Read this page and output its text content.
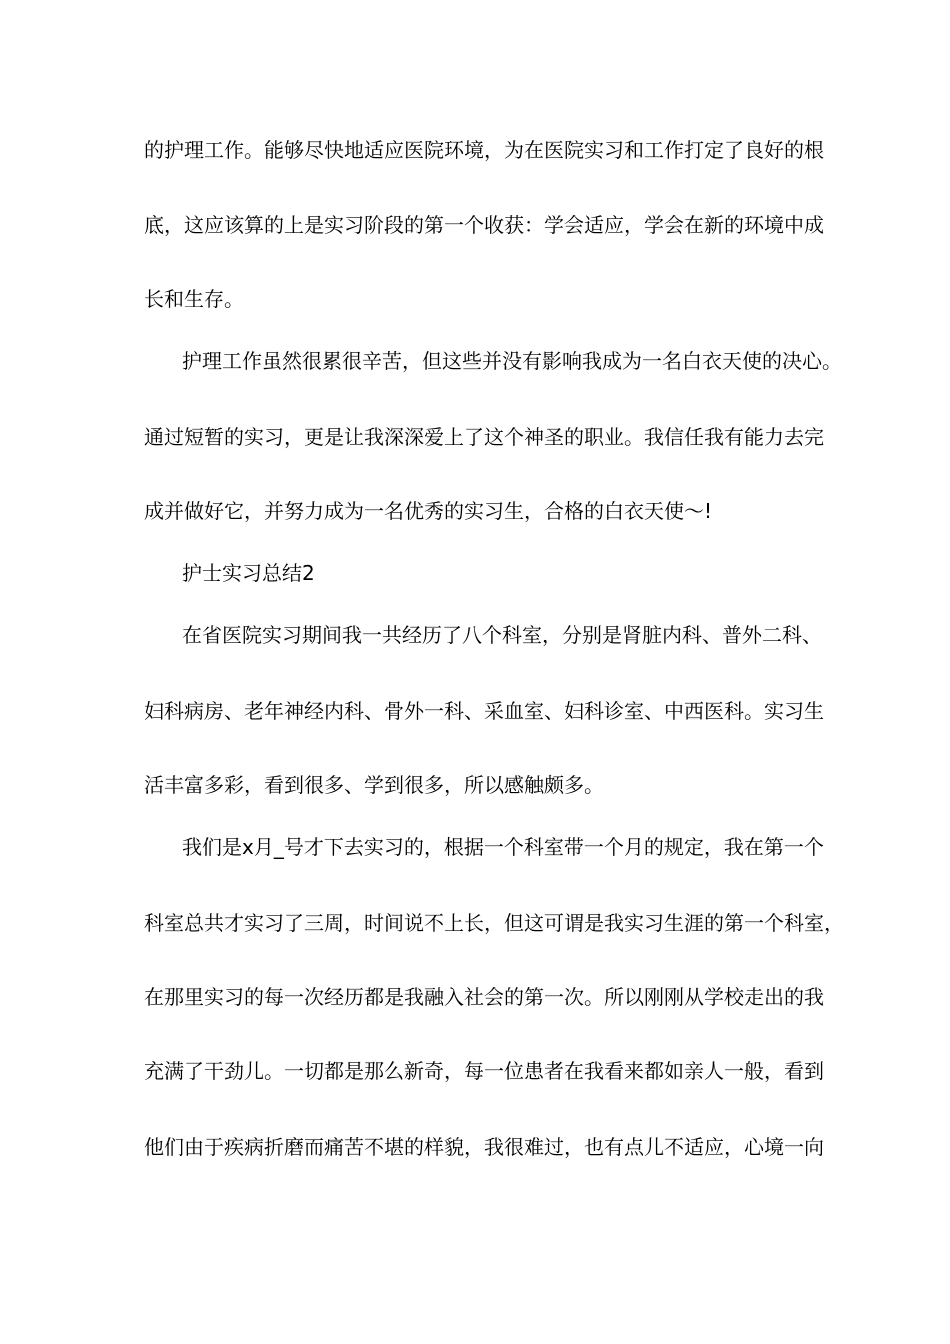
的护理工作。能够尽快地适应医院环境，为在医院实习和工作打定了良好的根
底，这应该算的上是实习阶段的第一个收获：学会适应，学会在新的环境中成
长和生存。
护理工作虽然很累很辛苦，但这些并没有影响我成为一名白衣天使的决心。
通过短暂的实习，更是让我深深爱上了这个神圣的职业。我信任我有能力去完
成并做好它，并努力成为一名优秀的实习生，合格的白衣天使～!
护士实习总结2
在省医院实习期间我一共经历了八个科室，分别是肾脏内科、普外二科、
妇科病房、老年神经内科、骨外一科、采血室、妇科诊室、中西医科。实习生
活丰富多彩，看到很多、学到很多，所以感触颇多。
我们是x月_号才下去实习的，根据一个科室带一个月的规定，我在第一个
科室总共才实习了三周，时间说不上长，但这可谓是我实习生涯的第一个科室，
在那里实习的每一次经历都是我融入社会的第一次。所以刚刚从学校走出的我
充满了干劲儿。一切都是那么新奇，每一位患者在我看来都如亲人一般，看到
他们由于疾病折磨而痛苦不堪的样貌，我很难过，也有点儿不适应，心境一向
